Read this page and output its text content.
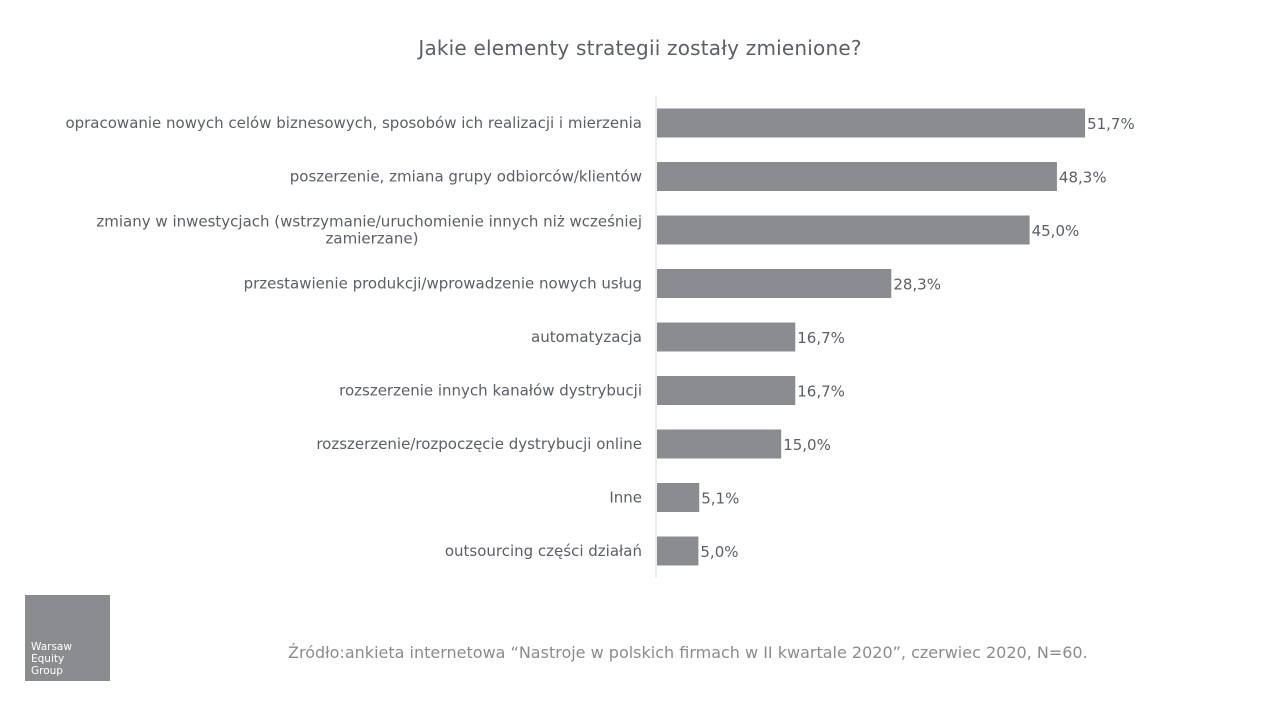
Jakie elementy strategii zostały zmienione?
51,7%
opracowanie nowych celów biznesowych, sposobów ich realizacji i mierzenia
48,3%
poszerzenie, zmiana grupy odbiorców/klientów
45,0%
zmiany w inwestycjach (wstrzymanie/uruchomienie innych niż wcześniej
zamierzane)
28,3%
przestawienie produkcji/wprowadzenie nowych usług
16,7%
automatyzacja
16,7%
rozszerzenie innych kanałów dystrybucji
15,0%
rozszerzenie/rozpoczęcie dystrybucji online
5,1%
Inne
5,0%
outsourcing części działań
Warsaw
Equity
Group
Źródło:ankieta internetowa “Nastroje w polskich firmach w II kwartale 2020”, czerwiec 2020, N=60.
